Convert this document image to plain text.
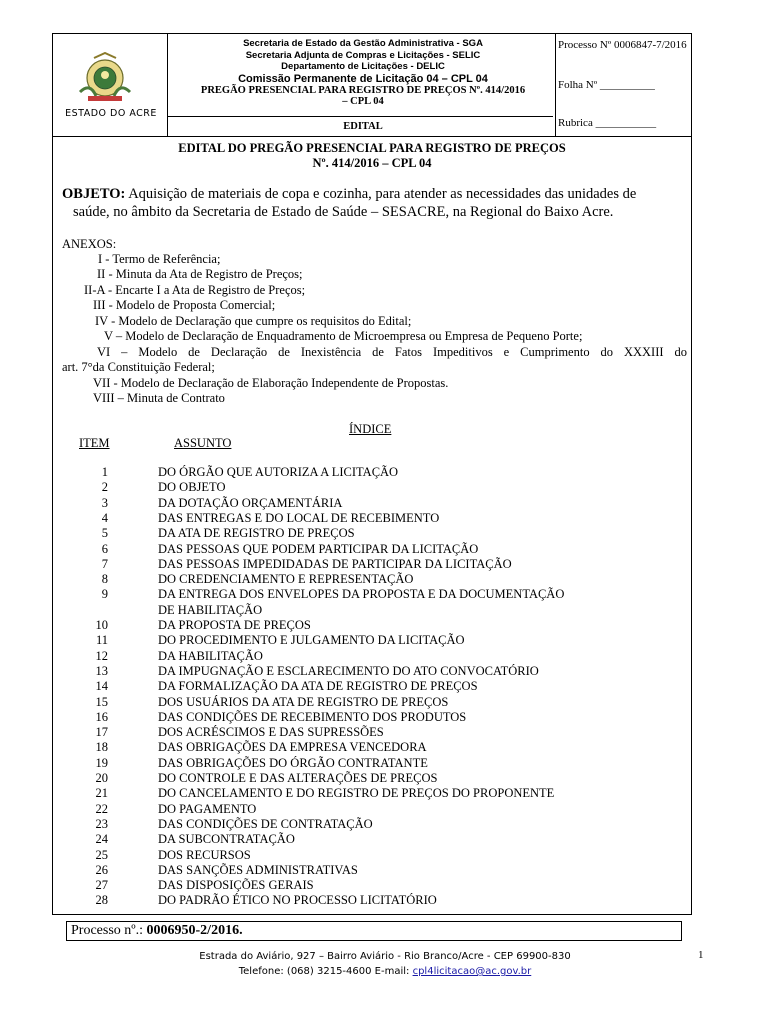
ESTADO DO ACRE
Secretaria de Estado da Gestão Administrativa - SGA
Secretaria Adjunta de Compras e Licitações - SELIC
Departamento de Licitações - DELIC
Comissão Permanente de Licitação 04 – CPL 04
PREGÃO PRESENCIAL PARA REGISTRO DE PREÇOS Nº. 414/2016
– CPL 04
EDITAL
Processo Nº 0006847-7/2016
Folha Nº __________
Rubrica ___________
EDITAL DO PREGÃO PRESENCIAL PARA REGISTRO DE PREÇOS
Nº. 414/2016 – CPL 04
OBJETO: Aquisição de materiais de copa e cozinha, para atender as necessidades das unidades de
saúde, no âmbito da Secretaria de Estado de Saúde – SESACRE, na Regional do Baixo Acre.
ANEXOS:
I - Termo de Referência;
II - Minuta da Ata de Registro de Preços;
II-A - Encarte I a Ata de Registro de Preços;
III - Modelo de Proposta Comercial;
IV - Modelo de Declaração que cumpre os requisitos do Edital;
V – Modelo de Declaração de Enquadramento de Microempresa ou Empresa de Pequeno Porte;
VI – Modelo de Declaração de Inexistência de Fatos Impeditivos e Cumprimento do XXXIII do
art. 7°da Constituição Federal;
VII - Modelo de Declaração de Elaboração Independente de Propostas.
VIII – Minuta de Contrato
ÍNDICE
ITEM	ASSUNTO
1	DO ÓRGÃO QUE AUTORIZA A LICITAÇÃO
2	DO OBJETO
3	DA DOTAÇÃO ORÇAMENTÁRIA
4	DAS ENTREGAS E DO LOCAL DE RECEBIMENTO
5	DA ATA DE REGISTRO DE PREÇOS
6	DAS PESSOAS QUE PODEM PARTICIPAR DA LICITAÇÃO
7	DAS PESSOAS IMPEDIDADAS DE PARTICIPAR DA LICITAÇÃO
8	DO CREDENCIAMENTO E REPRESENTAÇÃO
9	DA ENTREGA DOS ENVELOPES DA PROPOSTA E DA DOCUMENTAÇÃO
DE HABILITAÇÃO
10	DA PROPOSTA DE PREÇOS
11	DO PROCEDIMENTO E JULGAMENTO DA LICITAÇÃO
12	DA HABILITAÇÃO
13	DA IMPUGNAÇÃO E ESCLARECIMENTO DO ATO CONVOCATÓRIO
14	DA FORMALIZAÇÃO DA ATA DE REGISTRO DE PREÇOS
15	DOS USUÁRIOS DA ATA DE REGISTRO DE PREÇOS
16	DAS CONDIÇÕES DE RECEBIMENTO DOS PRODUTOS
17	DOS ACRÉSCIMOS E DAS SUPRESSÕES
18	DAS OBRIGAÇÕES DA EMPRESA VENCEDORA
19	DAS OBRIGAÇÕES DO ÓRGÃO CONTRATANTE
20	DO CONTROLE E DAS ALTERAÇÕES DE PREÇOS
21	DO CANCELAMENTO E DO REGISTRO DE PREÇOS DO PROPONENTE
22	DO PAGAMENTO
23	DAS CONDIÇÕES DE CONTRATAÇÃO
24	DA SUBCONTRATAÇÃO
25	DOS RECURSOS
26	DAS SANÇÕES ADMINISTRATIVAS
27	DAS DISPOSIÇÕES GERAIS
28	DO PADRÃO ÉTICO NO PROCESSO LICITATÓRIO
Processo nº.: 0006950-2/2016.
Estrada do Aviário, 927 – Bairro Aviário - Rio Branco/Acre - CEP 69900-830
Telefone: (068) 3215-4600 E-mail: cpl4licitacao@ac.gov.br
1
